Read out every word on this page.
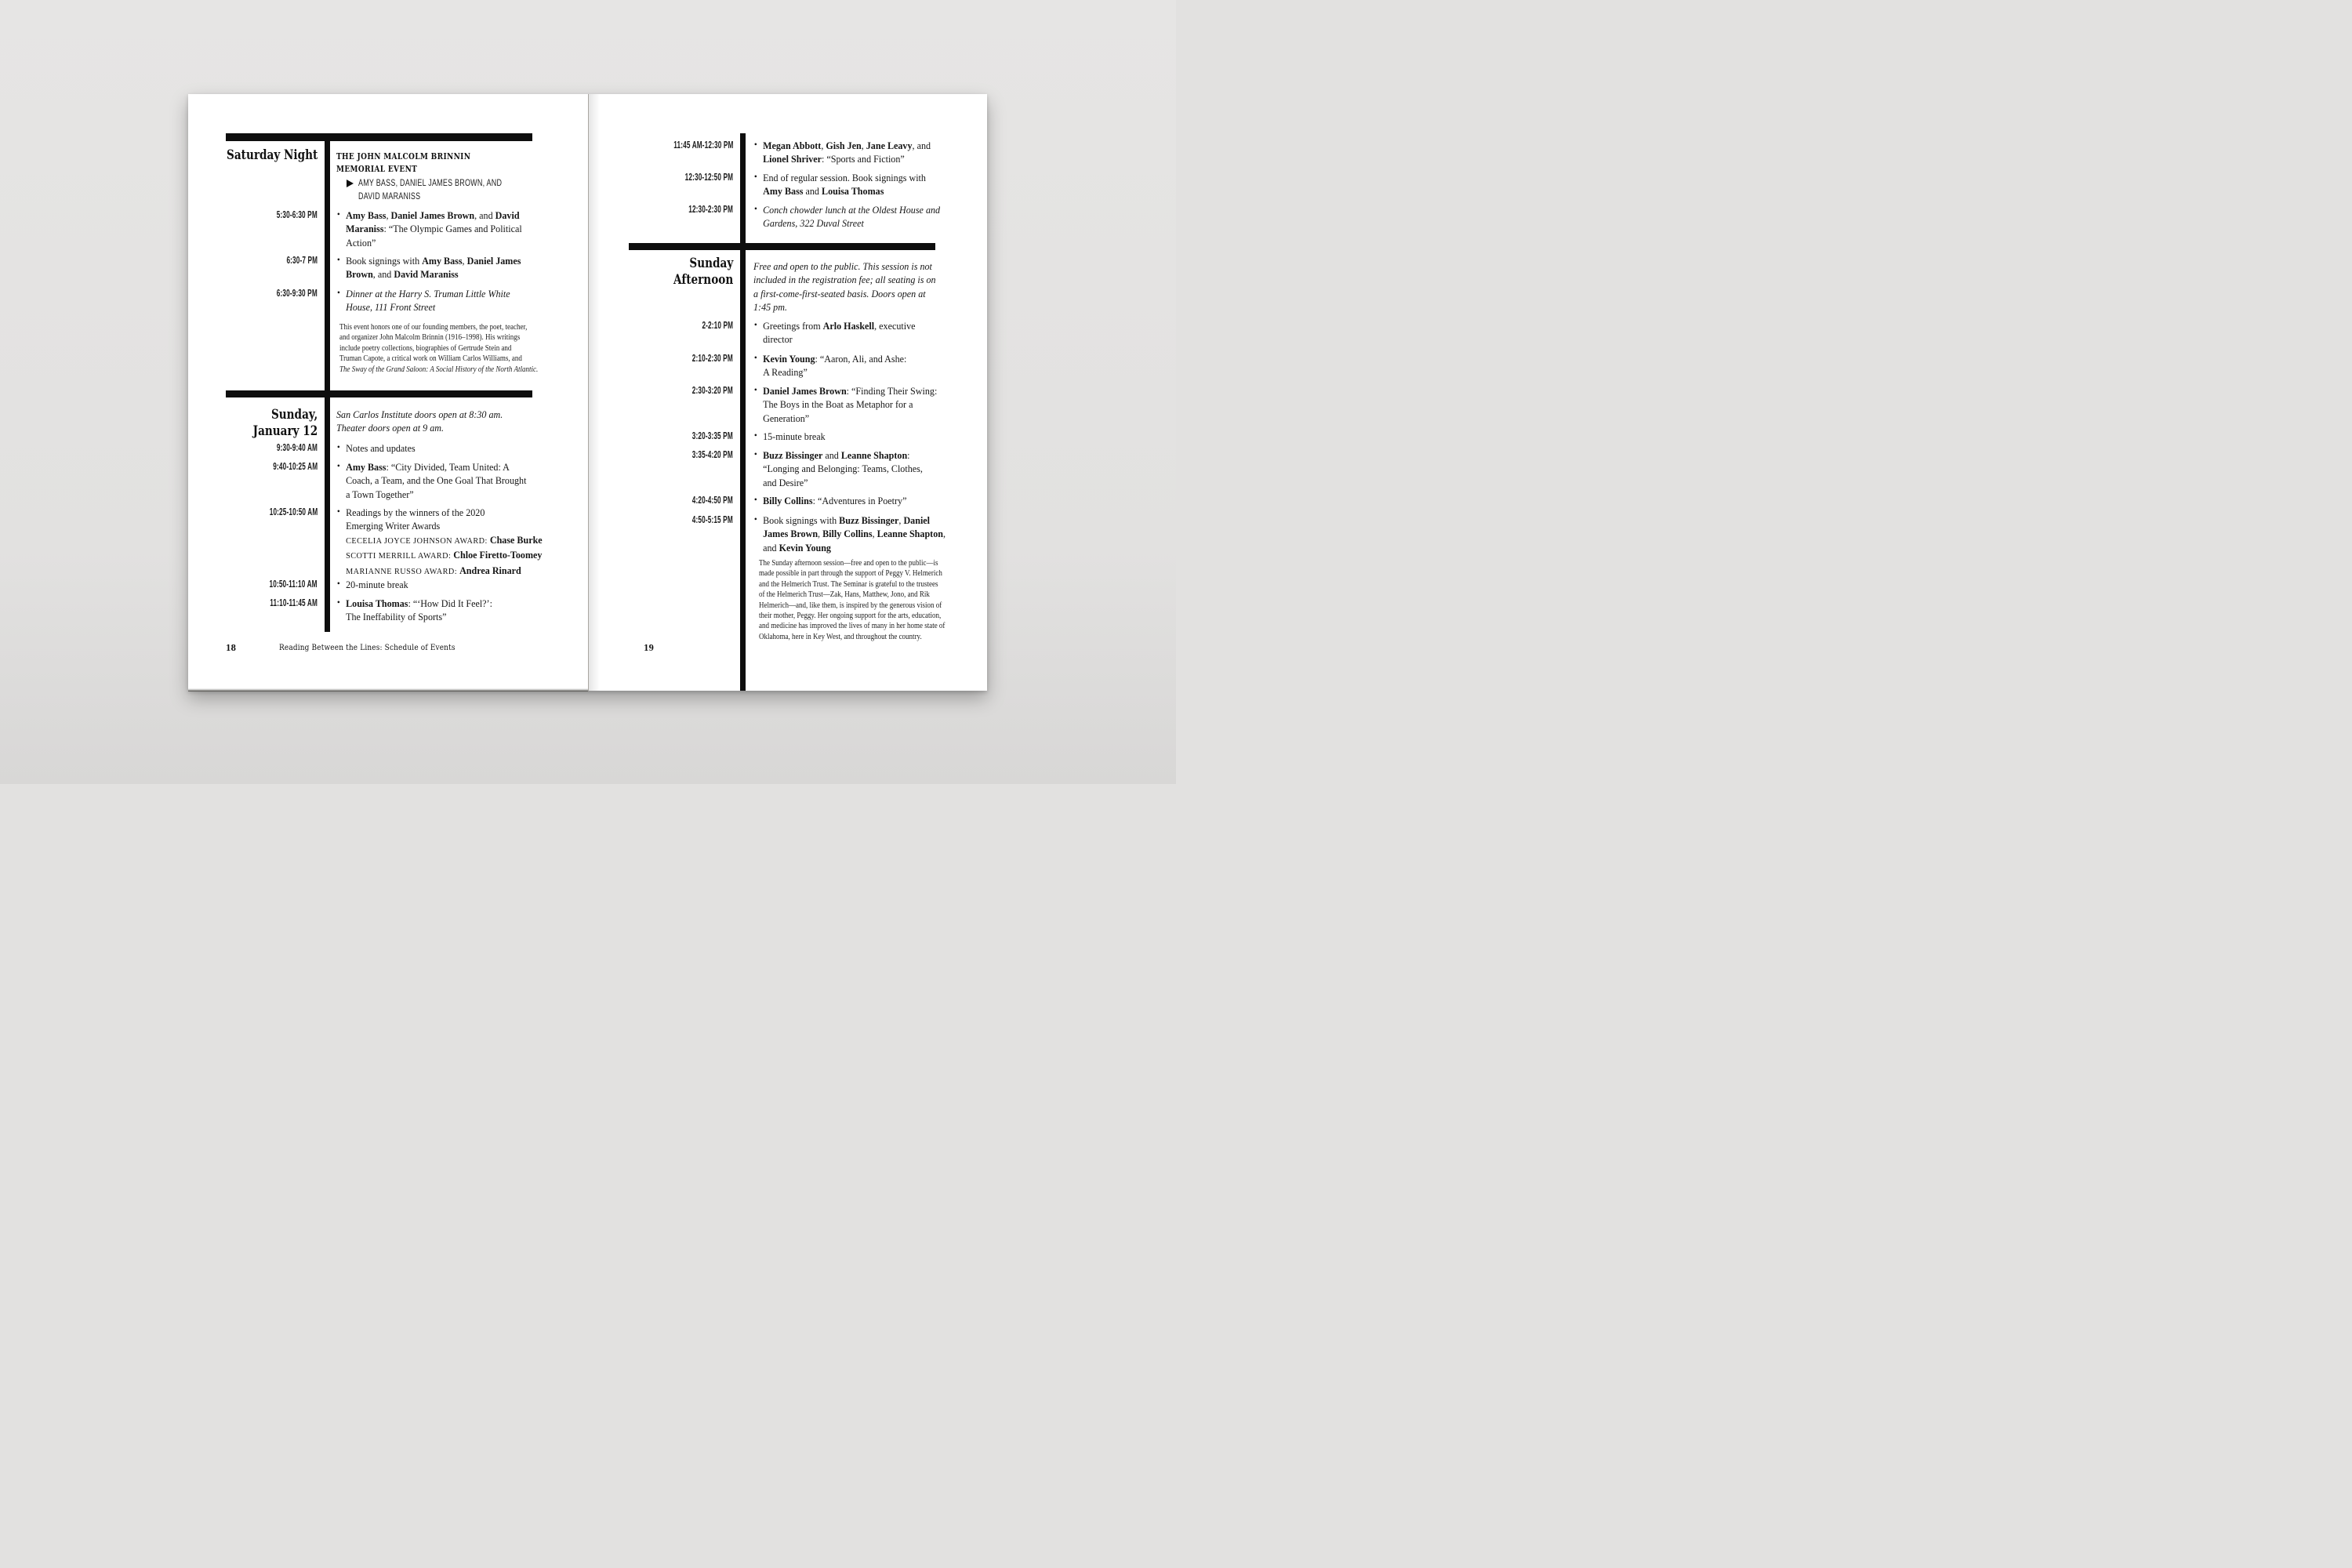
18	Reading Between the Lines: Schedule of Events
Saturday Night THE JOHN MALCOLM BRINNIN
MEMORIAL EVENT
AMY BASS, DANIEL JAMES BROWN, AND
DAVID MARANISS
5:30-6:30 PM • Amy Bass, Daniel James Brown, and David
Maraniss: “The Olympic Games and Political
Action”
6:30-7 PM • Book signings with Amy Bass, Daniel James
Brown, and David Maraniss
6:30-9:30 PM • Dinner at the Harry S. Truman Little White
House, 111 Front Street
This event honors one of our founding members, the poet, teacher,
and organizer John Malcolm Brinnin (1916–1998). His writings
include poetry collections, biographies of Gertrude Stein and
Truman Capote, a critical work on William Carlos Williams, and
The Sway of the Grand Saloon: A Social History of the North Atlantic.
Sunday,
January 12
San Carlos Institute doors open at 8:30 am.
Theater doors open at 9 am.
9:30-9:40 AM • Notes and updates
9:40-10:25 AM • Amy Bass: “City Divided, Team United: A
Coach, a Team, and the One Goal That Brought
a Town Together”
10:25-10:50 AM • Readings by the winners of the 2020
Emerging Writer Awards
CECELIA JOYCE JOHNSON AWARD: Chase Burke
SCOTTI MERRILL AWARD: Chloe Firetto-Toomey
MARIANNE RUSSO AWARD: Andrea Rinard
10:50-11:10 AM • 20-minute break
11:10-11:45 AM • Louisa Thomas: “‘How Did It Feel?’:
The Ineffability of Sports”
19
11:45 AM-12:30 PM • Megan Abbott, Gish Jen, Jane Leavy, and
Lionel Shriver: “Sports and Fiction”
12:30-12:50 PM • End of regular session. Book signings with
Amy Bass and Louisa Thomas
12:30-2:30 PM • Conch chowder lunch at the Oldest House and
Gardens, 322 Duval Street
Sunday
Afternoon
Free and open to the public. This session is not
included in the registration fee; all seating is on
a first-come-first-seated basis. Doors open at
1:45 pm.
2-2:10 PM • Greetings from Arlo Haskell, executive
director
2:10-2:30 PM • Kevin Young: “Aaron, Ali, and Ashe:
A Reading”
2:30-3:20 PM • Daniel James Brown: “Finding Their Swing:
The Boys in the Boat as Metaphor for a
Generation”
3:20-3:35 PM • 15-minute break
3:35-4:20 PM • Buzz Bissinger and Leanne Shapton:
“Longing and Belonging: Teams, Clothes,
and Desire”
4:20-4:50 PM • Billy Collins: “Adventures in Poetry”
4:50-5:15 PM • Book signings with Buzz Bissinger, Daniel
James Brown, Billy Collins, Leanne Shapton,
and Kevin Young
The Sunday afternoon session—free and open to the public—is
made possible in part through the support of Peggy V. Helmerich
and the Helmerich Trust. The Seminar is grateful to the trustees
of the Helmerich Trust—Zak, Hans, Matthew, Jono, and Rik
Helmerich—and, like them, is inspired by the generous vision of
their mother, Peggy. Her ongoing support for the arts, education,
and medicine has improved the lives of many in her home state of
Oklahoma, here in Key West, and throughout the country.
